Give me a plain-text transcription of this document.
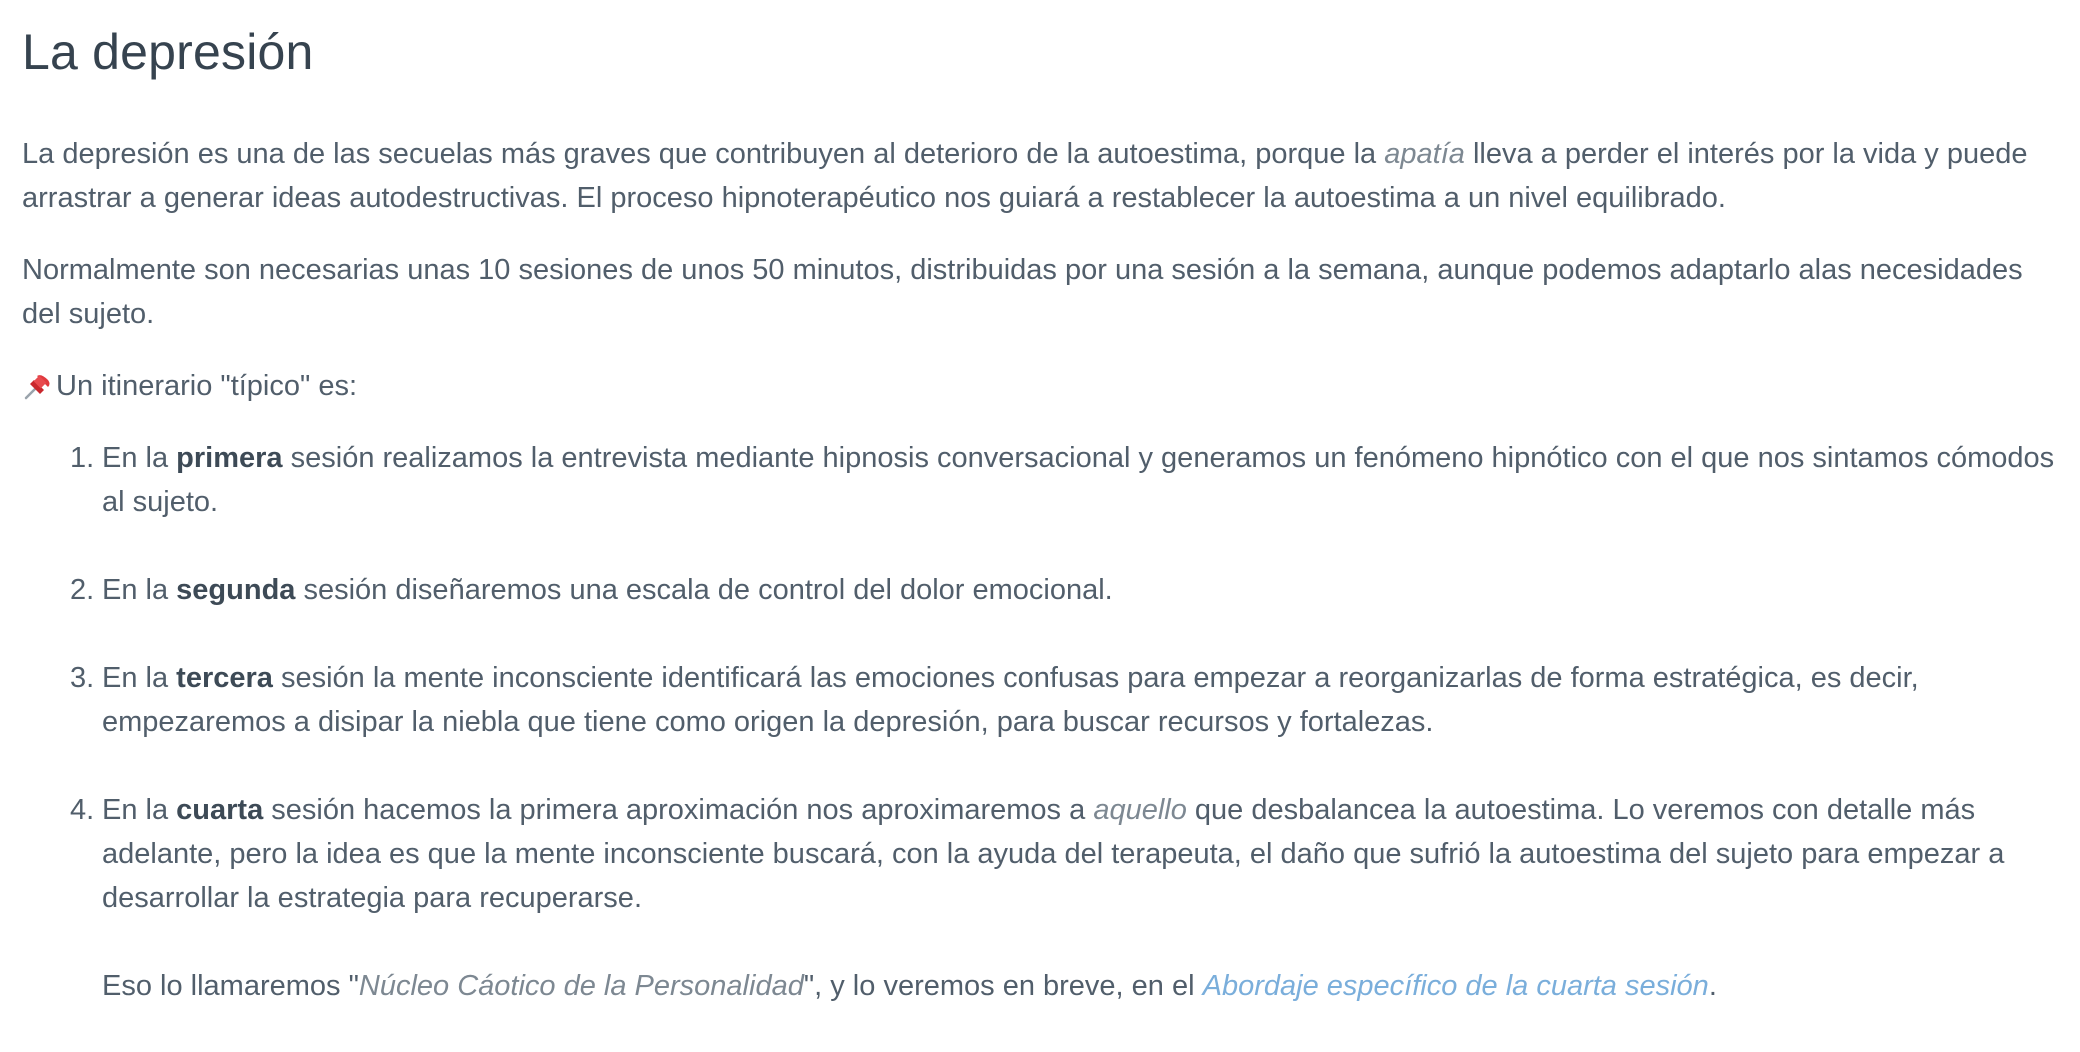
La depresión

La depresión es una de las secuelas más graves que contribuyen al deterioro de la autoestima, porque la apatía lleva a perder el interés por la vida y puede arrastrar a generar ideas autodestructivas. El proceso hipnoterapéutico nos guiará a restablecer la autoestima a un nivel equilibrado.

Normalmente son necesarias unas 10 sesiones de unos 50 minutos, distribuidas por una sesión a la semana, aunque podemos adaptarlo alas necesidades del sujeto.

Un itinerario "típico" es:

1. En la primera sesión realizamos la entrevista mediante hipnosis conversacional y generamos un fenómeno hipnótico con el que nos sintamos cómodos al sujeto.
2. En la segunda sesión diseñaremos una escala de control del dolor emocional.
3. En la tercera sesión la mente inconsciente identificará las emociones confusas para empezar a reorganizarlas de forma estratégica, es decir, empezaremos a disipar la niebla que tiene como origen la depresión, para buscar recursos y fortalezas.
4. En la cuarta sesión hacemos la primera aproximación nos aproximaremos a aquello que desbalancea la autoestima. Lo veremos con detalle más adelante, pero la idea es que la mente inconsciente buscará, con la ayuda del terapeuta, el daño que sufrió la autoestima del sujeto para empezar a desarrollar la estrategia para recuperarse.
Eso lo llamaremos "Núcleo Cáotico de la Personalidad", y lo veremos en breve, en el Abordaje específico de la cuarta sesión.
